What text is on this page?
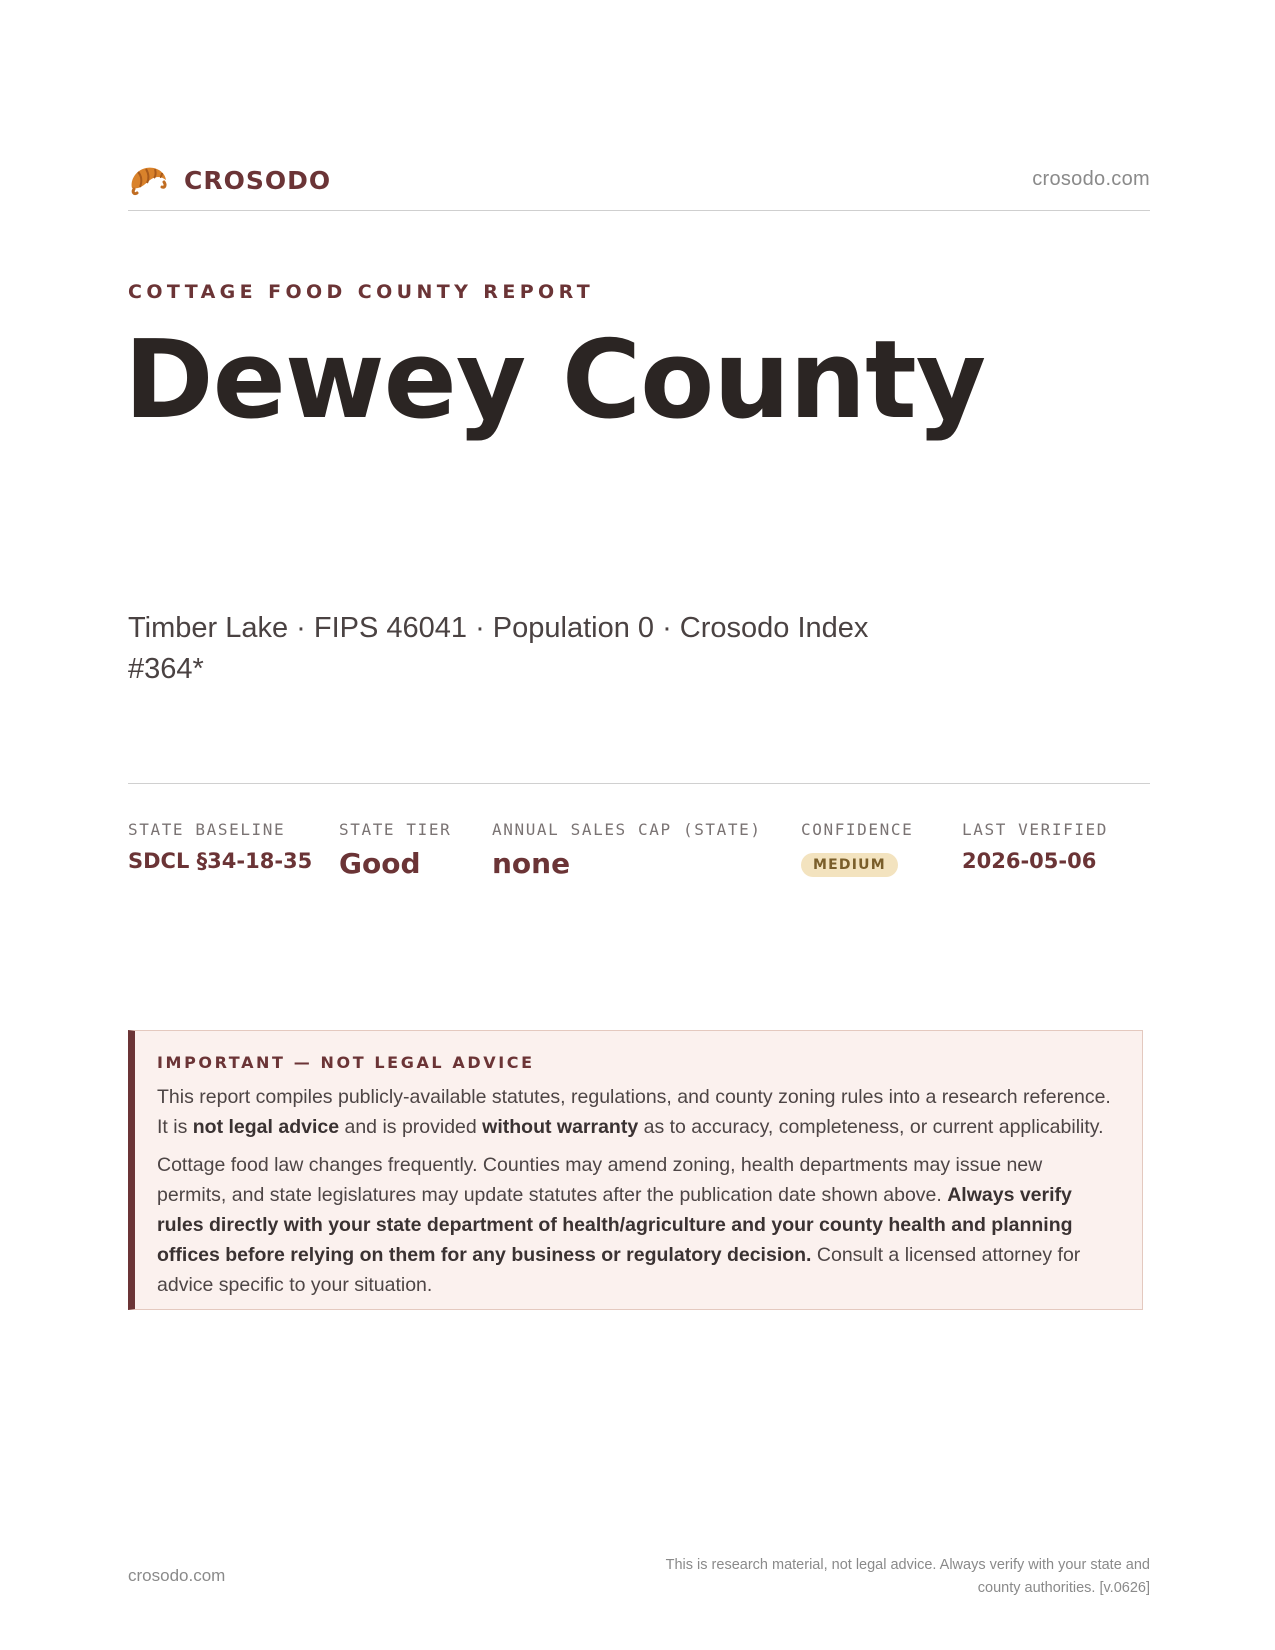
CROSODO	crosodo.com
COTTAGE FOOD COUNTY REPORT
Dewey County
Timber Lake · FIPS 46041 · Population 0 · Crosodo Index #364*
STATE BASELINE
SDCL §34-18-35
STATE TIER
Good
ANNUAL SALES CAP (STATE)
none
CONFIDENCE
MEDIUM
LAST VERIFIED
2026-05-06
IMPORTANT — NOT LEGAL ADVICE

This report compiles publicly-available statutes, regulations, and county zoning rules into a research reference. It is not legal advice and is provided without warranty as to accuracy, completeness, or current applicability.

Cottage food law changes frequently. Counties may amend zoning, health departments may issue new permits, and state legislatures may update statutes after the publication date shown above. Always verify rules directly with your state department of health/agriculture and your county health and planning offices before relying on them for any business or regulatory decision. Consult a licensed attorney for advice specific to your situation.

crosodo.com
This is research material, not legal advice. Always verify with your state and county authorities. [v.0626]
